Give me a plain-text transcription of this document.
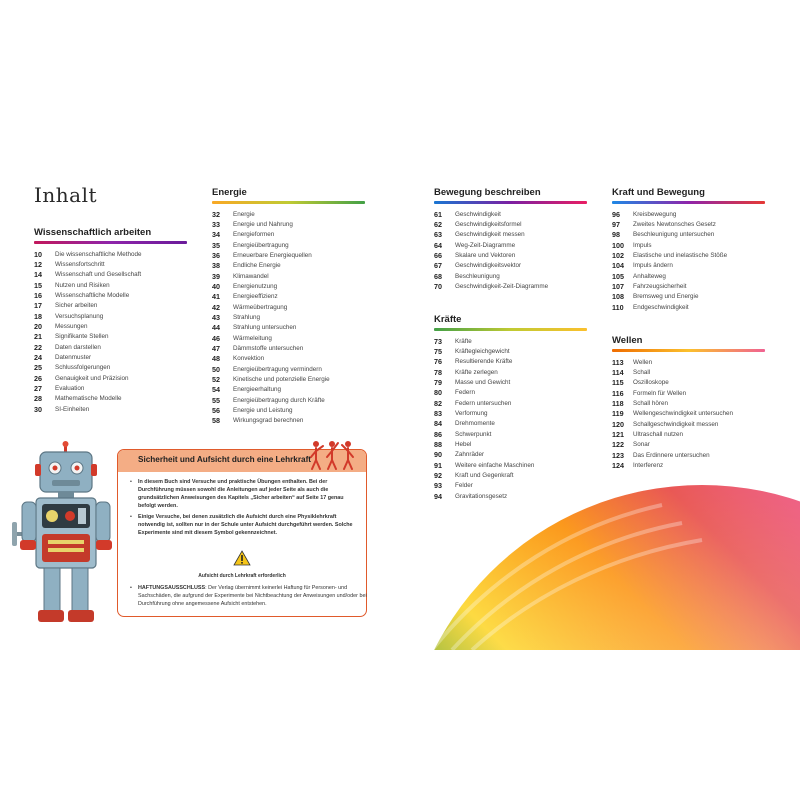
Inhalt
Wissenschaftlich arbeiten
10	Die wissenschaftliche Methode
12	Wissensfortschritt
14	Wissenschaft und Gesellschaft
15	Nutzen und Risiken
16	Wissenschaftliche Modelle
17	Sicher arbeiten
18	Versuchsplanung
20	Messungen
21	Signifikante Stellen
22	Daten darstellen
24	Datenmuster
25	Schlussfolgerungen
26	Genauigkeit und Präzision
27	Evaluation
28	Mathematische Modelle
30	SI-Einheiten
Energie
32	Energie
33	Energie und Nahrung
34	Energieformen
35	Energieübertragung
36	Erneuerbare Energiequellen
38	Endliche Energie
39	Klimawandel
40	Energienutzung
41	Energieeffizienz
42	Wärmeübertragung
43	Strahlung
44	Strahlung untersuchen
46	Wärmeleitung
47	Dämmstoffe untersuchen
48	Konvektion
50	Energieübertragung vermindern
52	Kinetische und potenzielle Energie
54	Energieerhaltung
55	Energieübertragung durch Kräfte
56	Energie und Leistung
58	Wirkungsgrad berechnen
Bewegung beschreiben
61	Geschwindigkeit
62	Geschwindigkeitsformel
63	Geschwindigkeit messen
64	Weg-Zeit-Diagramme
66	Skalare und Vektoren
67	Geschwindigkeitsvektor
68	Beschleunigung
70	Geschwindigkeit-Zeit-Diagramme
Kräfte
73	Kräfte
75	Kräftegleichgewicht
76	Resultierende Kräfte
78	Kräfte zerlegen
79	Masse und Gewicht
80	Federn
82	Federn untersuchen
83	Verformung
84	Drehmomente
86	Schwerpunkt
88	Hebel
90	Zahnräder
91	Weitere einfache Maschinen
92	Kraft und Gegenkraft
93	Felder
94	Gravitationsgesetz
Kraft und Bewegung
96	Kreisbewegung
97	Zweites Newtonsches Gesetz
98	Beschleunigung untersuchen
100	Impuls
102	Elastische und inelastische Stöße
104	Impuls ändern
105	Anhalteweg
107	Fahrzeugsicherheit
108	Bremsweg und Energie
110	Endgeschwindigkeit
Wellen
113	Wellen
114	Schall
115	Oszilloskope
116	Formeln für Wellen
118	Schall hören
119	Wellengeschwindigkeit untersuchen
120	Schallgeschwindigkeit messen
121	Ultraschall nutzen
122	Sonar
123	Das Erdinnere untersuchen
124	Interferenz
Sicherheit und Aufsicht durch eine Lehrkraft
• In diesem Buch sind Versuche und praktische Übungen enthalten. Bei der Durchführung müssen sowohl die Anleitungen auf jeder Seite als auch die grundsätzlichen Anweisungen des Kapitels „Sicher arbeiten“ auf Seite 17 genau befolgt werden.
• Einige Versuche, bei denen zusätzlich die Aufsicht durch eine Physiklehrkraft notwendig ist, sollten nur in der Schule unter Aufsicht durchgeführt werden. Solche Experimente sind mit diesem Symbol gekennzeichnet.
Aufsicht durch Lehrkraft erforderlich
• HAFTUNGSAUSSCHLUSS: Der Verlag übernimmt keinerlei Haftung für Personen- und Sachschäden, die aufgrund der Experimente bei Nichtbeachtung der Anweisungen und/oder bei Durchführung ohne angemessene Aufsicht entstehen.
